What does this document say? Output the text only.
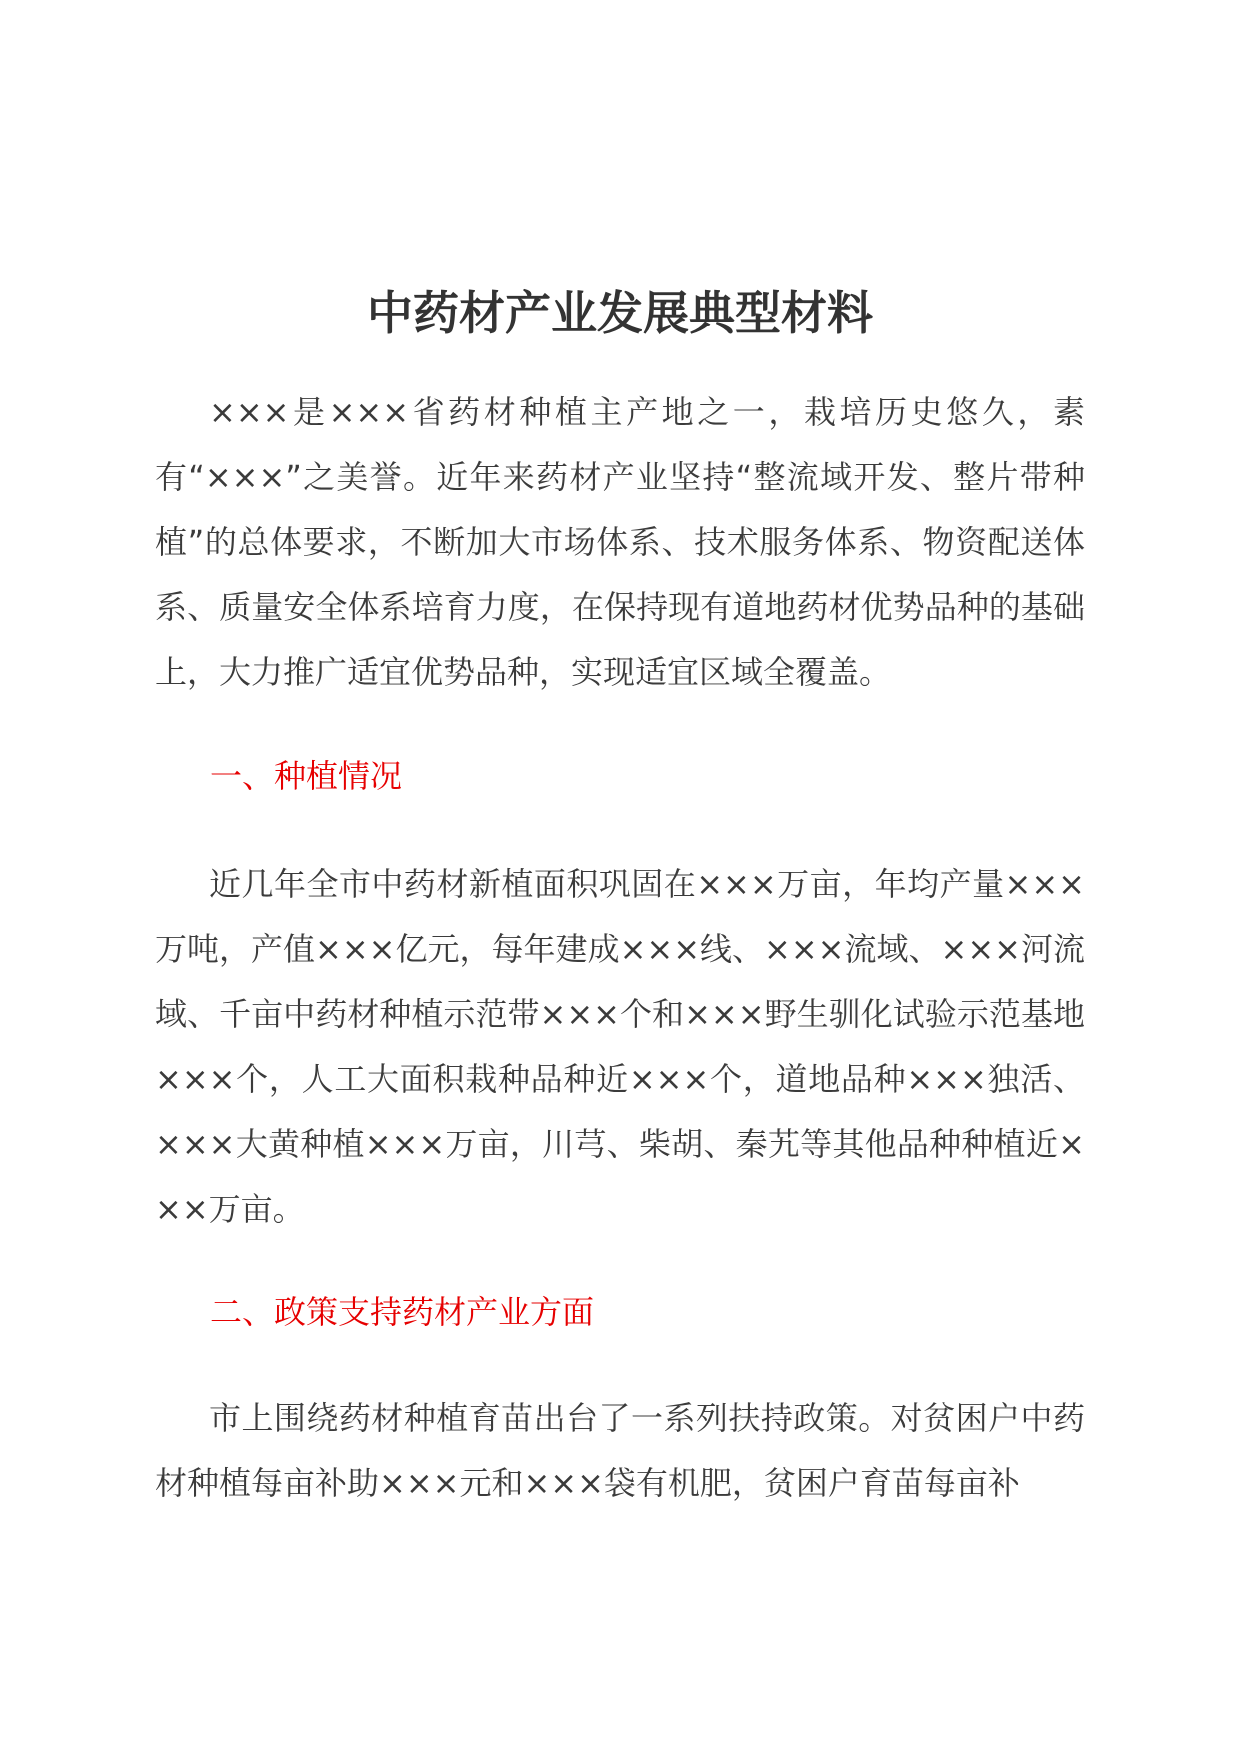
中药材产业发展典型材料

×××是×××省药材种植主产地之一，栽培历史悠久，素有“×××”之美誉。近年来药材产业坚持“整流域开发、整片带种植”的总体要求，不断加大市场体系、技术服务体系、物资配送体系、质量安全体系培育力度，在保持现有道地药材优势品种的基础上，大力推广适宜优势品种，实现适宜区域全覆盖。

一、种植情况

近几年全市中药材新植面积巩固在×××万亩，年均产量×××万吨，产值×××亿元，每年建成×××线、×××流域、×××河流域、千亩中药材种植示范带×××个和×××野生驯化试验示范基地×××个，人工大面积栽种品种近×××个，道地品种×××独活、×××大黄种植×××万亩，川芎、柴胡、秦艽等其他品种种植近×××万亩。

二、政策支持药材产业方面

市上围绕药材种植育苗出台了一系列扶持政策。对贫困户中药材种植每亩补助×××元和×××袋有机肥，贫困户育苗每亩补
